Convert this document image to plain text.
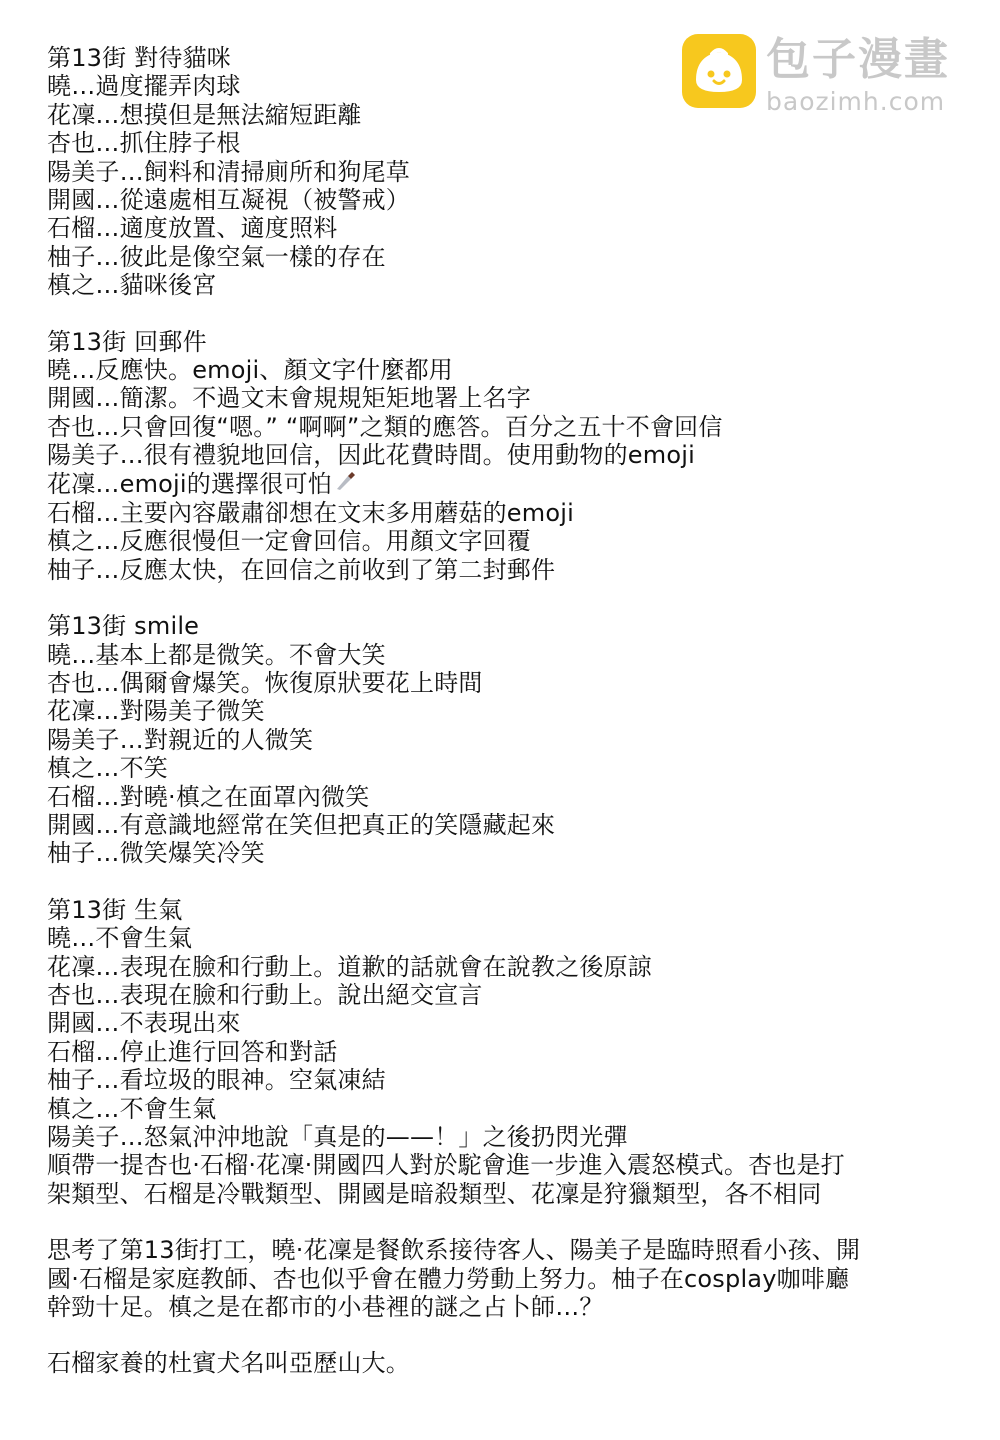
包子漫畫
baozimh.com
第13街 對待貓咪
曉…過度擺弄肉球
花凜…想摸但是無法縮短距離
杏也…抓住脖子根
陽美子…飼料和清掃廁所和狗尾草
開國…從遠處相互凝視（被警戒）
石榴…適度放置、適度照料
柚子…彼此是像空氣一樣的存在
槙之…貓咪後宮
第13街 回郵件
曉…反應快。emoji、顏文字什麼都用
開國…簡潔。不過文末會規規矩矩地署上名字
杏也…只會回復“嗯。” “啊啊”之類的應答。百分之五十不會回信
陽美子…很有禮貌地回信，因此花費時間。使用動物的emoji
花凜…emoji的選擇很可怕
石榴…主要內容嚴肅卻想在文末多用蘑菇的emoji
槙之…反應很慢但一定會回信。用顏文字回覆
柚子…反應太快，在回信之前收到了第二封郵件
第13街 smile
曉…基本上都是微笑。不會大笑
杏也…偶爾會爆笑。恢復原狀要花上時間
花凜…對陽美子微笑
陽美子…對親近的人微笑
槙之…不笑
石榴…對曉·槙之在面罩內微笑
開國…有意識地經常在笑但把真正的笑隱藏起來
柚子…微笑爆笑冷笑
第13街 生氣
曉…不會生氣
花凜…表現在臉和行動上。道歉的話就會在說教之後原諒
杏也…表現在臉和行動上。說出絕交宣言
開國…不表現出來
石榴…停止進行回答和對話
柚子…看垃圾的眼神。空氣凍結
槙之…不會生氣
陽美子…怒氣沖沖地說「真是的——！」之後扔閃光彈
順帶一提杏也·石榴·花凜·開國四人對於駝會進一步進入震怒模式。杏也是打
架類型、石榴是冷戰類型、開國是暗殺類型、花凜是狩獵類型，各不相同
思考了第13街打工，曉·花凜是餐飲系接待客人、陽美子是臨時照看小孩、開
國·石榴是家庭教師、杏也似乎會在體力勞動上努力。柚子在cosplay咖啡廳
幹勁十足。槙之是在都市的小巷裡的謎之占卜師…？
石榴家養的杜賓犬名叫亞歷山大。
